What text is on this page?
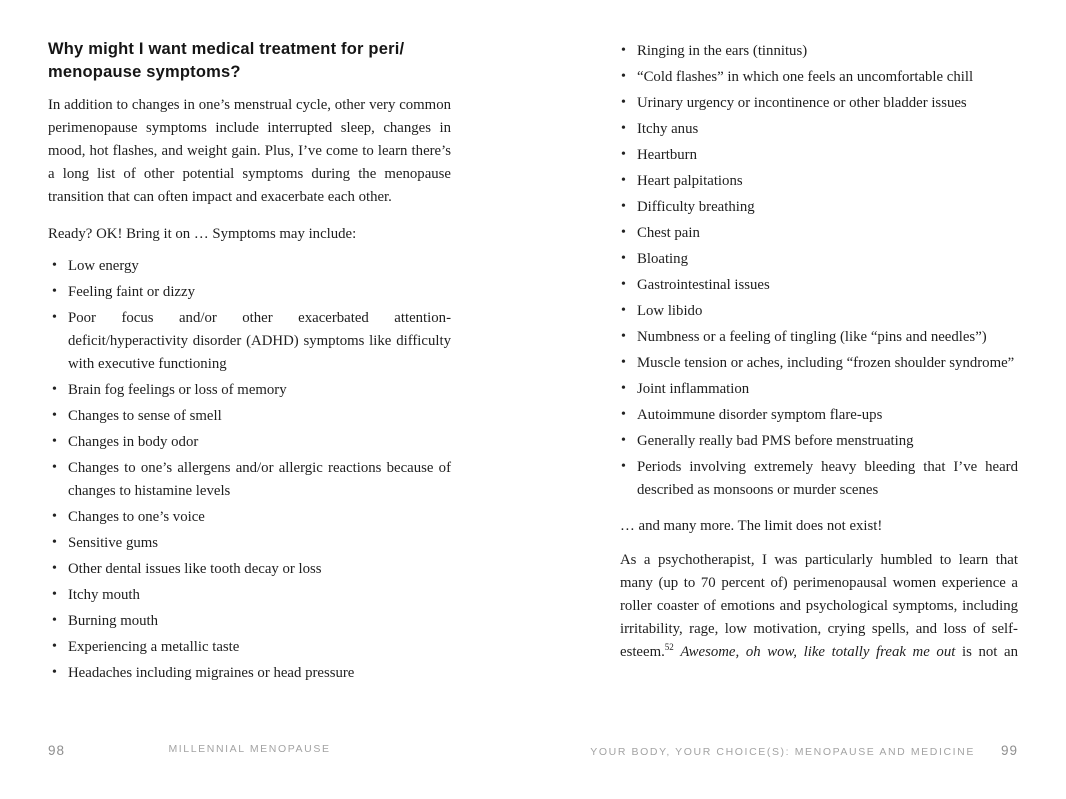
Why might I want medical treatment for peri/
menopause symptoms?

In addition to changes in one’s menstrual cycle, other very common perimenopause symptoms include interrupted sleep, changes in mood, hot flashes, and weight gain. Plus, I’ve come to learn there’s a long list of other potential symptoms during the menopause transition that can often impact and exacerbate each other.

Ready? OK! Bring it on … Symptoms may include:

• Low energy
• Feeling faint or dizzy
• Poor focus and/or other exacerbated attention-deficit/hyperactivity disorder (ADHD) symptoms like difficulty with executive functioning
• Brain fog feelings or loss of memory
• Changes to sense of smell
• Changes in body odor
• Changes to one’s allergens and/or allergic reactions because of changes to histamine levels
• Changes to one’s voice
• Sensitive gums
• Other dental issues like tooth decay or loss
• Itchy mouth
• Burning mouth
• Experiencing a metallic taste
• Headaches including migraines or head pressure
• Ringing in the ears (tinnitus)
• “Cold flashes” in which one feels an uncomfortable chill
• Urinary urgency or incontinence or other bladder issues
• Itchy anus
• Heartburn
• Heart palpitations
• Difficulty breathing
• Chest pain
• Bloating
• Gastrointestinal issues
• Low libido
• Numbness or a feeling of tingling (like “pins and needles”)
• Muscle tension or aches, including “frozen shoulder syndrome”
• Joint inflammation
• Autoimmune disorder symptom flare-ups
• Generally really bad PMS before menstruating
• Periods involving extremely heavy bleeding that I’ve heard described as monsoons or murder scenes

… and many more. The limit does not exist!

As a psychotherapist, I was particularly humbled to learn that many (up to 70 percent of) perimenopausal women experience a roller coaster of emotions and psychological symptoms, including irritability, rage, low motivation, crying spells, and loss of self-esteem.$^{52}$ Awesome, oh wow, like totally freak me out is not an

98	MILLENNIAL MENOPAUSE	YOUR BODY, YOUR CHOICE(S): MENOPAUSE AND MEDICINE 99
